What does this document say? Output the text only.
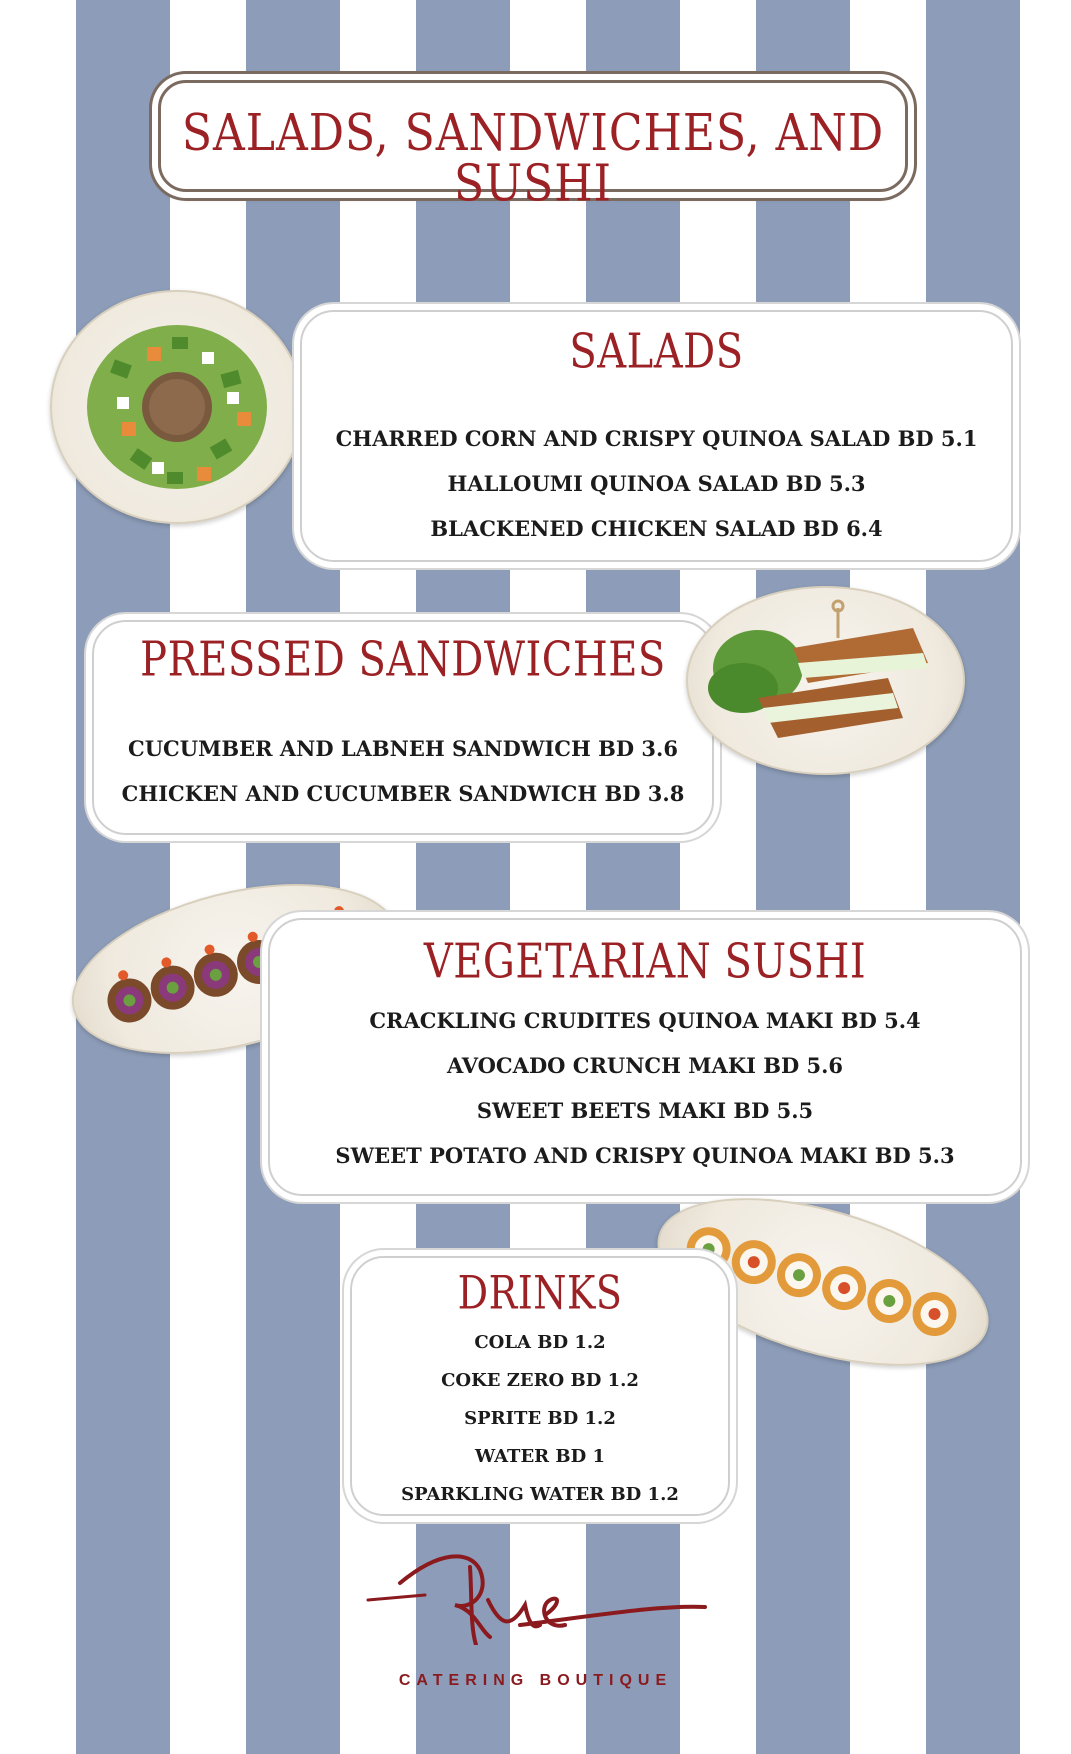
SALADS, SANDWICHES, AND SUSHI
SALADS

CHARRED CORN AND CRISPY QUINOA SALAD BD 5.1

HALLOUMI QUINOA SALAD BD 5.3

BLACKENED CHICKEN SALAD BD 6.4

PRESSED SANDWICHES

CUCUMBER AND LABNEH SANDWICH BD 3.6

CHICKEN AND CUCUMBER SANDWICH BD 3.8

VEGETARIAN SUSHI

CRACKLING CRUDITES QUINOA MAKI BD 5.4

AVOCADO CRUNCH MAKI BD 5.6

SWEET BEETS MAKI BD 5.5

SWEET POTATO AND CRISPY QUINOA MAKI BD 5.3

DRINKS

COLA BD 1.2

COKE ZERO BD 1.2

SPRITE BD 1.2

WATER BD 1

SPARKLING WATER BD 1.2

CATERING BOUTIQUE
